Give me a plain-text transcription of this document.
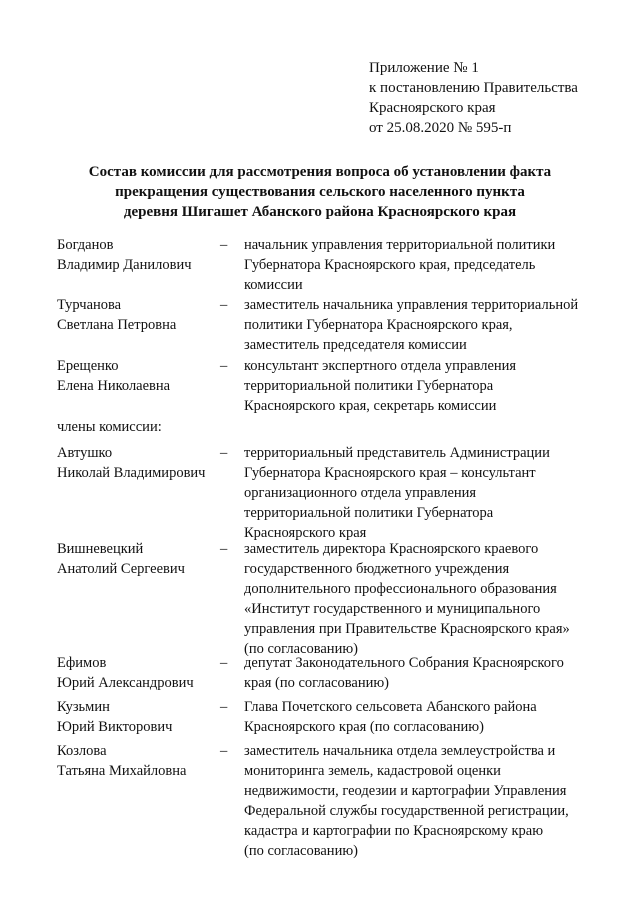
Приложение № 1
к постановлению Правительства
Красноярского края
от 25.08.2020 № 595-п
Состав комиссии для рассмотрения вопроса об установлении факта
прекращения существования сельского населенного пункта
деревня Шигашет Абанского района Красноярского края
Богданов
Владимир Данилович
– начальник управления территориальной политики
Губернатора Красноярского края, председатель
комиссии
Турчанова
Светлана Петровна
– заместитель начальника управления территориальной
политики Губернатора Красноярского края,
заместитель председателя комиссии
Ерещенко
Елена Николаевна
– консультант экспертного отдела управления
территориальной политики Губернатора
Красноярского края, секретарь комиссии
члены комиссии:
Автушко
Николай Владимирович
– территориальный представитель Администрации
Губернатора Красноярского края – консультант
организационного отдела управления
территориальной политики Губернатора
Красноярского края
Вишневецкий
Анатолий Сергеевич
– заместитель директора Красноярского краевого
государственного бюджетного учреждения
дополнительного профессионального образования
«Институт государственного и муниципального
управления при Правительстве Красноярского края»
(по согласованию)
Ефимов
Юрий Александрович
– депутат Законодательного Собрания Красноярского
края (по согласованию)
Кузьмин
Юрий Викторович
– Глава Почетского сельсовета Абанского района
Красноярского края (по согласованию)
Козлова
Татьяна Михайловна
– заместитель начальника отдела землеустройства и
мониторинга земель, кадастровой оценки
недвижимости, геодезии и картографии Управления
Федеральной службы государственной регистрации,
кадастра и картографии по Красноярскому краю
(по согласованию)
